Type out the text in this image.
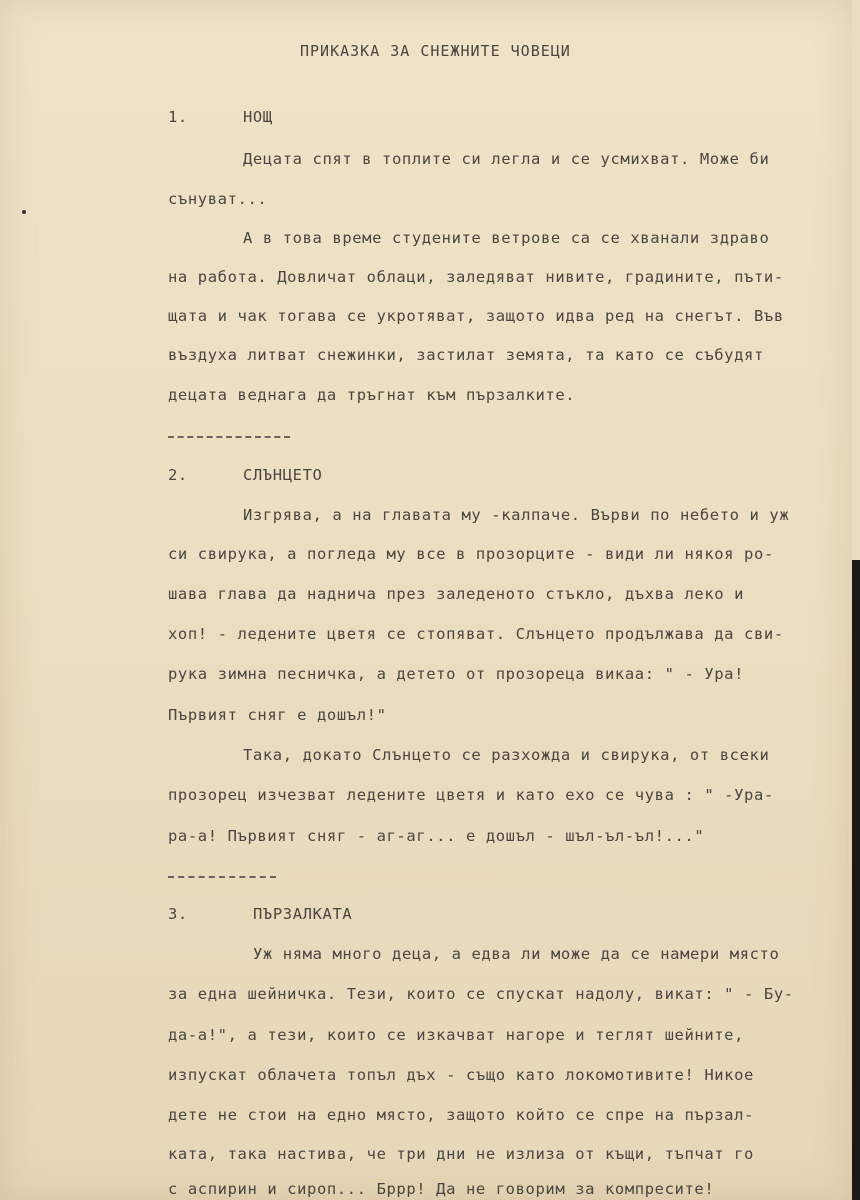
ПРИКАЗКА ЗА СНЕЖНИТЕ ЧОВЕЦИ
1.	НОЩ
Децата спят в топлите си легла и се усмихват. Може би
сънуват...
А в това време студените ветрове са се хванали здраво
на работа. Довличат облаци, заледяват нивите, градините, пъти-
щата и чак тогава се укротяват, защото идва ред на снегът. Във
въздуха литват снежинки, застилат земята, та като се събудят
децата веднага да тръгнат към пързалките.
2.	СЛЪНЦЕТО
Изгрява, а на главата му -калпаче. Върви по небето и уж
си свирука, а погледа му все в прозорците - види ли някоя ро-
шава глава да надничa през заледеното стъкло, дъхва леко и
хоп! - ледените цветя се стопяват. Слънцето продължава да сви-
рука зимна песничка, а детето от прозореца викаа: " - Ура!
Първият сняг е дошъл!"
Така, докато Слънцето се разхожда и свирука, от всеки
прозорец изчезват ледените цветя и като ехо се чува : " -Ура-
ра-а! Първият сняг - аг-аг... е дошъл - шъл-ъл-ъл!..."
3.	ПЪРЗАЛКАТА
Уж няма много деца, а едва ли може да се намери място
за една шейничка. Тези, които се спускат надолу, викат: " - Бу-
да-а!", а тези, които се изкачват нагоре и теглят шейните,
изпускат облачета топъл дъх - също като локомотивите! Никое
дете не стои на едно място, защото който се спре на пързал-
ката, така настива, че три дни не излиза от къщи, тъпчат го
с аспирин и сироп... Бррр! Да не говорим за компресите!
